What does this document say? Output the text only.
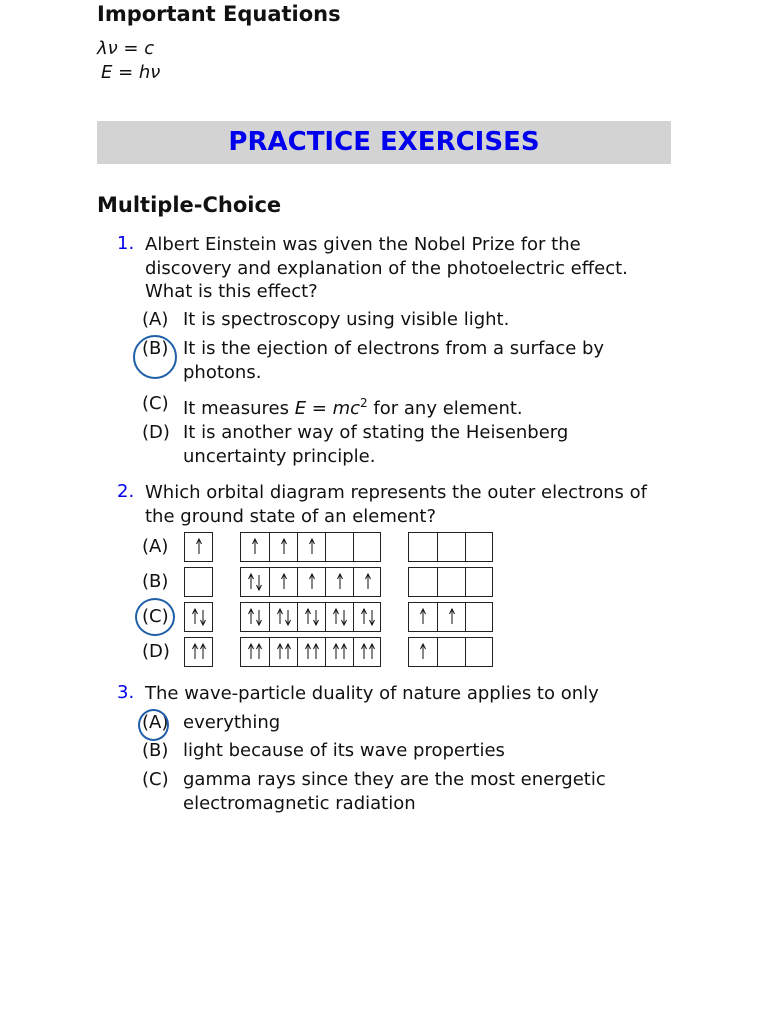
Important Equations
λν = c
E = hν
PRACTICE EXERCISES
Multiple-Choice
1. Albert Einstein was given the Nobel Prize for the
discovery and explanation of the photoelectric effect.
What is this effect?
(A) It is spectroscopy using visible light.
(B) It is the ejection of electrons from a surface by
photons.
(C) It measures $E = mc^2$ for any element.
(D) It is another way of stating the Heisenberg
uncertainty principle.
2. Which orbital diagram represents the outer electrons of
the ground state of an element?
(A)
(B)
(C)
(D)
3. The wave-particle duality of nature applies to only
(A) everything
(B) light because of its wave properties
(C) gamma rays since they are the most energetic
electromagnetic radiation
